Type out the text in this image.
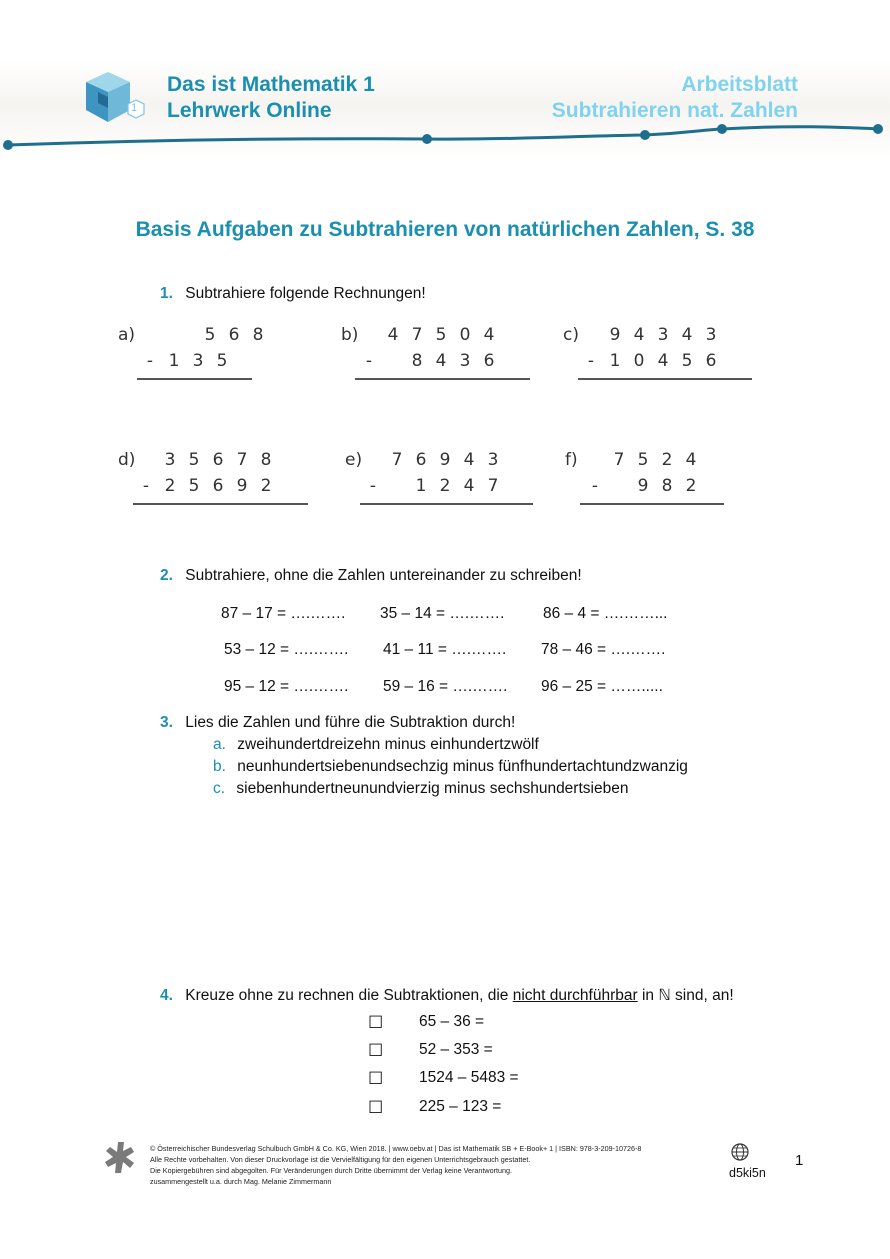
1
Das ist Mathematik 1
Lehrwerk Online
Arbeitsblatt
Subtrahieren nat. Zahlen
Basis Aufgaben zu Subtrahieren von natürlichen Zahlen, S. 38
1. Subtrahiere folgende Rechnungen!
a)	5 6 8
- 1 3 5
b)	4 7 5 0 4
-	8 4 3 6
c)	9 4 3 4 3
- 1 0 4 5 6
d)	3 5 6 7 8
- 2 5 6 9 2
e)	7 6 9 4 3
-	1 2 4 7
f)	7 5 2 4
-	9 8 2
2. Subtrahiere, ohne die Zahlen untereinander zu schreiben!
87 – 17 = ….……. 35 – 14 = ….……. 86 – 4 = ….……...
53 – 12 = ….……. 41 – 11 = ….……. 78 – 46 = ….…….
95 – 12 = ….……. 59 – 16 = ….……. 96 – 25 = …….....
3. Lies die Zahlen und führe die Subtraktion durch!
a. zweihundertdreizehn minus einhundertzwölf
b. neunhundertsiebenundsechzig minus fünfhundertachtundzwanzig
c. siebenhundertneunundvierzig minus sechshundertsieben
4. Kreuze ohne zu rechnen die Subtraktionen, die nicht durchführbar in ℕ sind, an!
☐ 65 – 36 =
☐ 52 – 353 =
☐ 1524 – 5483 =
☐ 225 – 123 =
© Österreichischer Bundesverlag Schulbuch GmbH & Co. KG, Wien 2018. | www.oebv.at | Das ist Mathematik SB + E-Book+ 1 | ISBN: 978-3-209-10726-8
Alle Rechte vorbehalten. Von dieser Druckvorlage ist die Vervielfältigung für den eigenen Unterrichtsgebrauch gestattet.
Die Kopiergebühren sind abgegolten. Für Veränderungen durch Dritte übernimmt der Verlag keine Verantwortung.
zusammengestellt u.a. durch Mag. Melanie Zimmermann
d5ki5n
1
